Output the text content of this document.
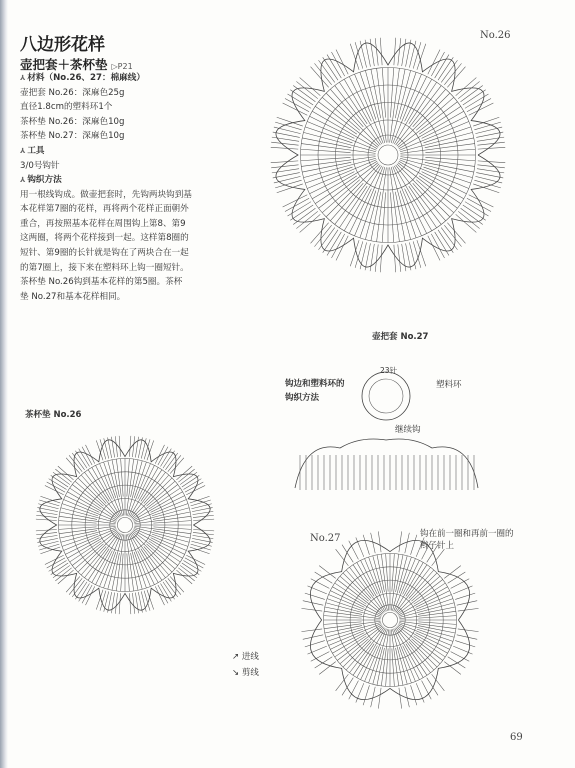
八边形花样
壶把套＋茶杯垫 ▷P21
⅄ 材料（No.26、27：棉麻线）
壶把套 No.26：深麻色25g
直径1.8cm的塑料环1个
茶杯垫 No.26：深麻色10g
茶杯垫 No.27：深麻色10g
⅄ 工具
3/0号钩针
⅄ 钩织方法
用一根线钩成。做壶把套时，先钩两块钩到基
本花样第7圈的花样，再将两个花样正面朝外
重合，再按照基本花样在周围钩上第8、第9
这两圈，将两个花样接到一起。这样第8圈的
短针、第9圈的长针就是钩在了两块合在一起
的第7圈上，接下来在塑料环上钩一圈短针。
茶杯垫 No.26钩到基本花样的第5圈。茶杯
垫 No.27和基本花样相同。
No.26
壶把套 No.27
钩边和塑料环的
钩织方法
23针
塑料环
继续钩
茶杯垫 No.26
No.27	钩在前一圈和再前一圈的
辫子针上
↗ 进线
↘ 剪线
69
